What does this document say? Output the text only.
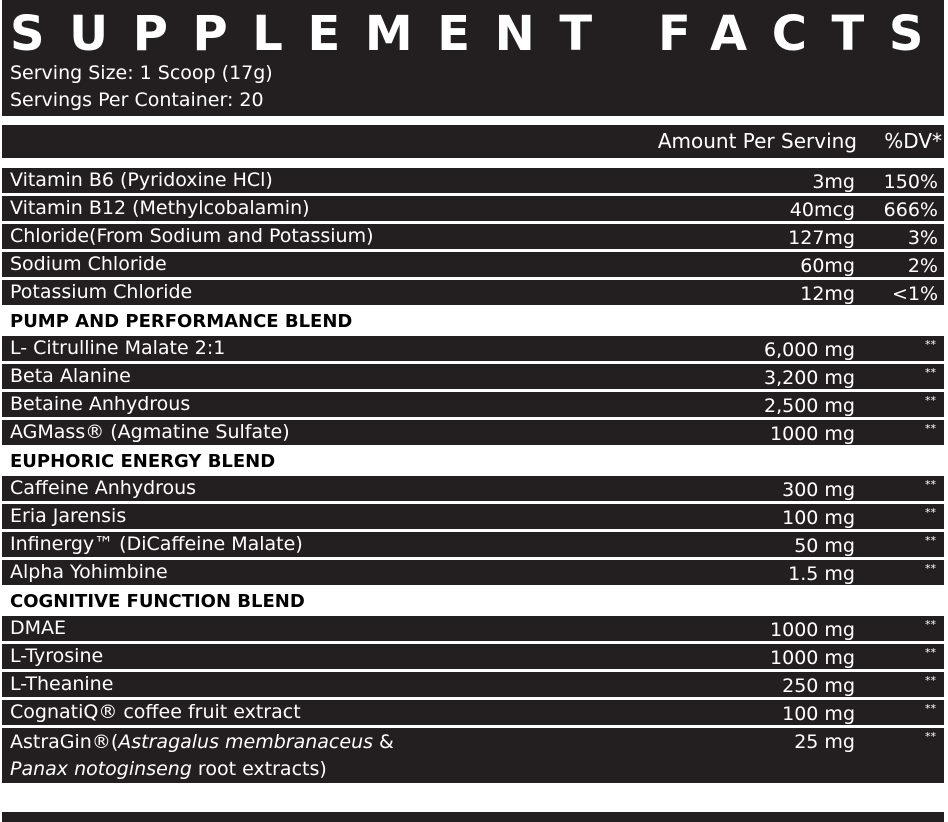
SUPPLEMENT FACTS
Serving Size: 1 Scoop (17g)
Servings Per Container: 20
Amount Per Serving %DV*
Vitamin B6 (Pyridoxine HCl)	3mg 150%
Vitamin B12 (Methylcobalamin)	40mcg 666%
Chloride(From Sodium and Potassium)	127mg	3%
Sodium Chloride	60mg	2%
Potassium Chloride	12mg <1%
PUMP AND PERFORMANCE BLEND
L- Citrulline Malate 2:1	6,000 mg	**
Beta Alanine	3,200 mg	**
Betaine Anhydrous	2,500 mg	**
AGMass® (Agmatine Sulfate)	1000 mg	**
EUPHORIC ENERGY BLEND
Caffeine Anhydrous	300 mg	**
Eria Jarensis	100 mg	**
Infinergy™ (DiCaffeine Malate)	50 mg	**
Alpha Yohimbine	1.5 mg	**
COGNITIVE FUNCTION BLEND
DMAE	1000 mg	**
L-Tyrosine	1000 mg	**
L-Theanine	250 mg	**
CognatiQ® coffee fruit extract	100 mg	**
AstraGin®(Astragalus membranaceus &
Panax notoginseng root extracts)
25 mg	**
